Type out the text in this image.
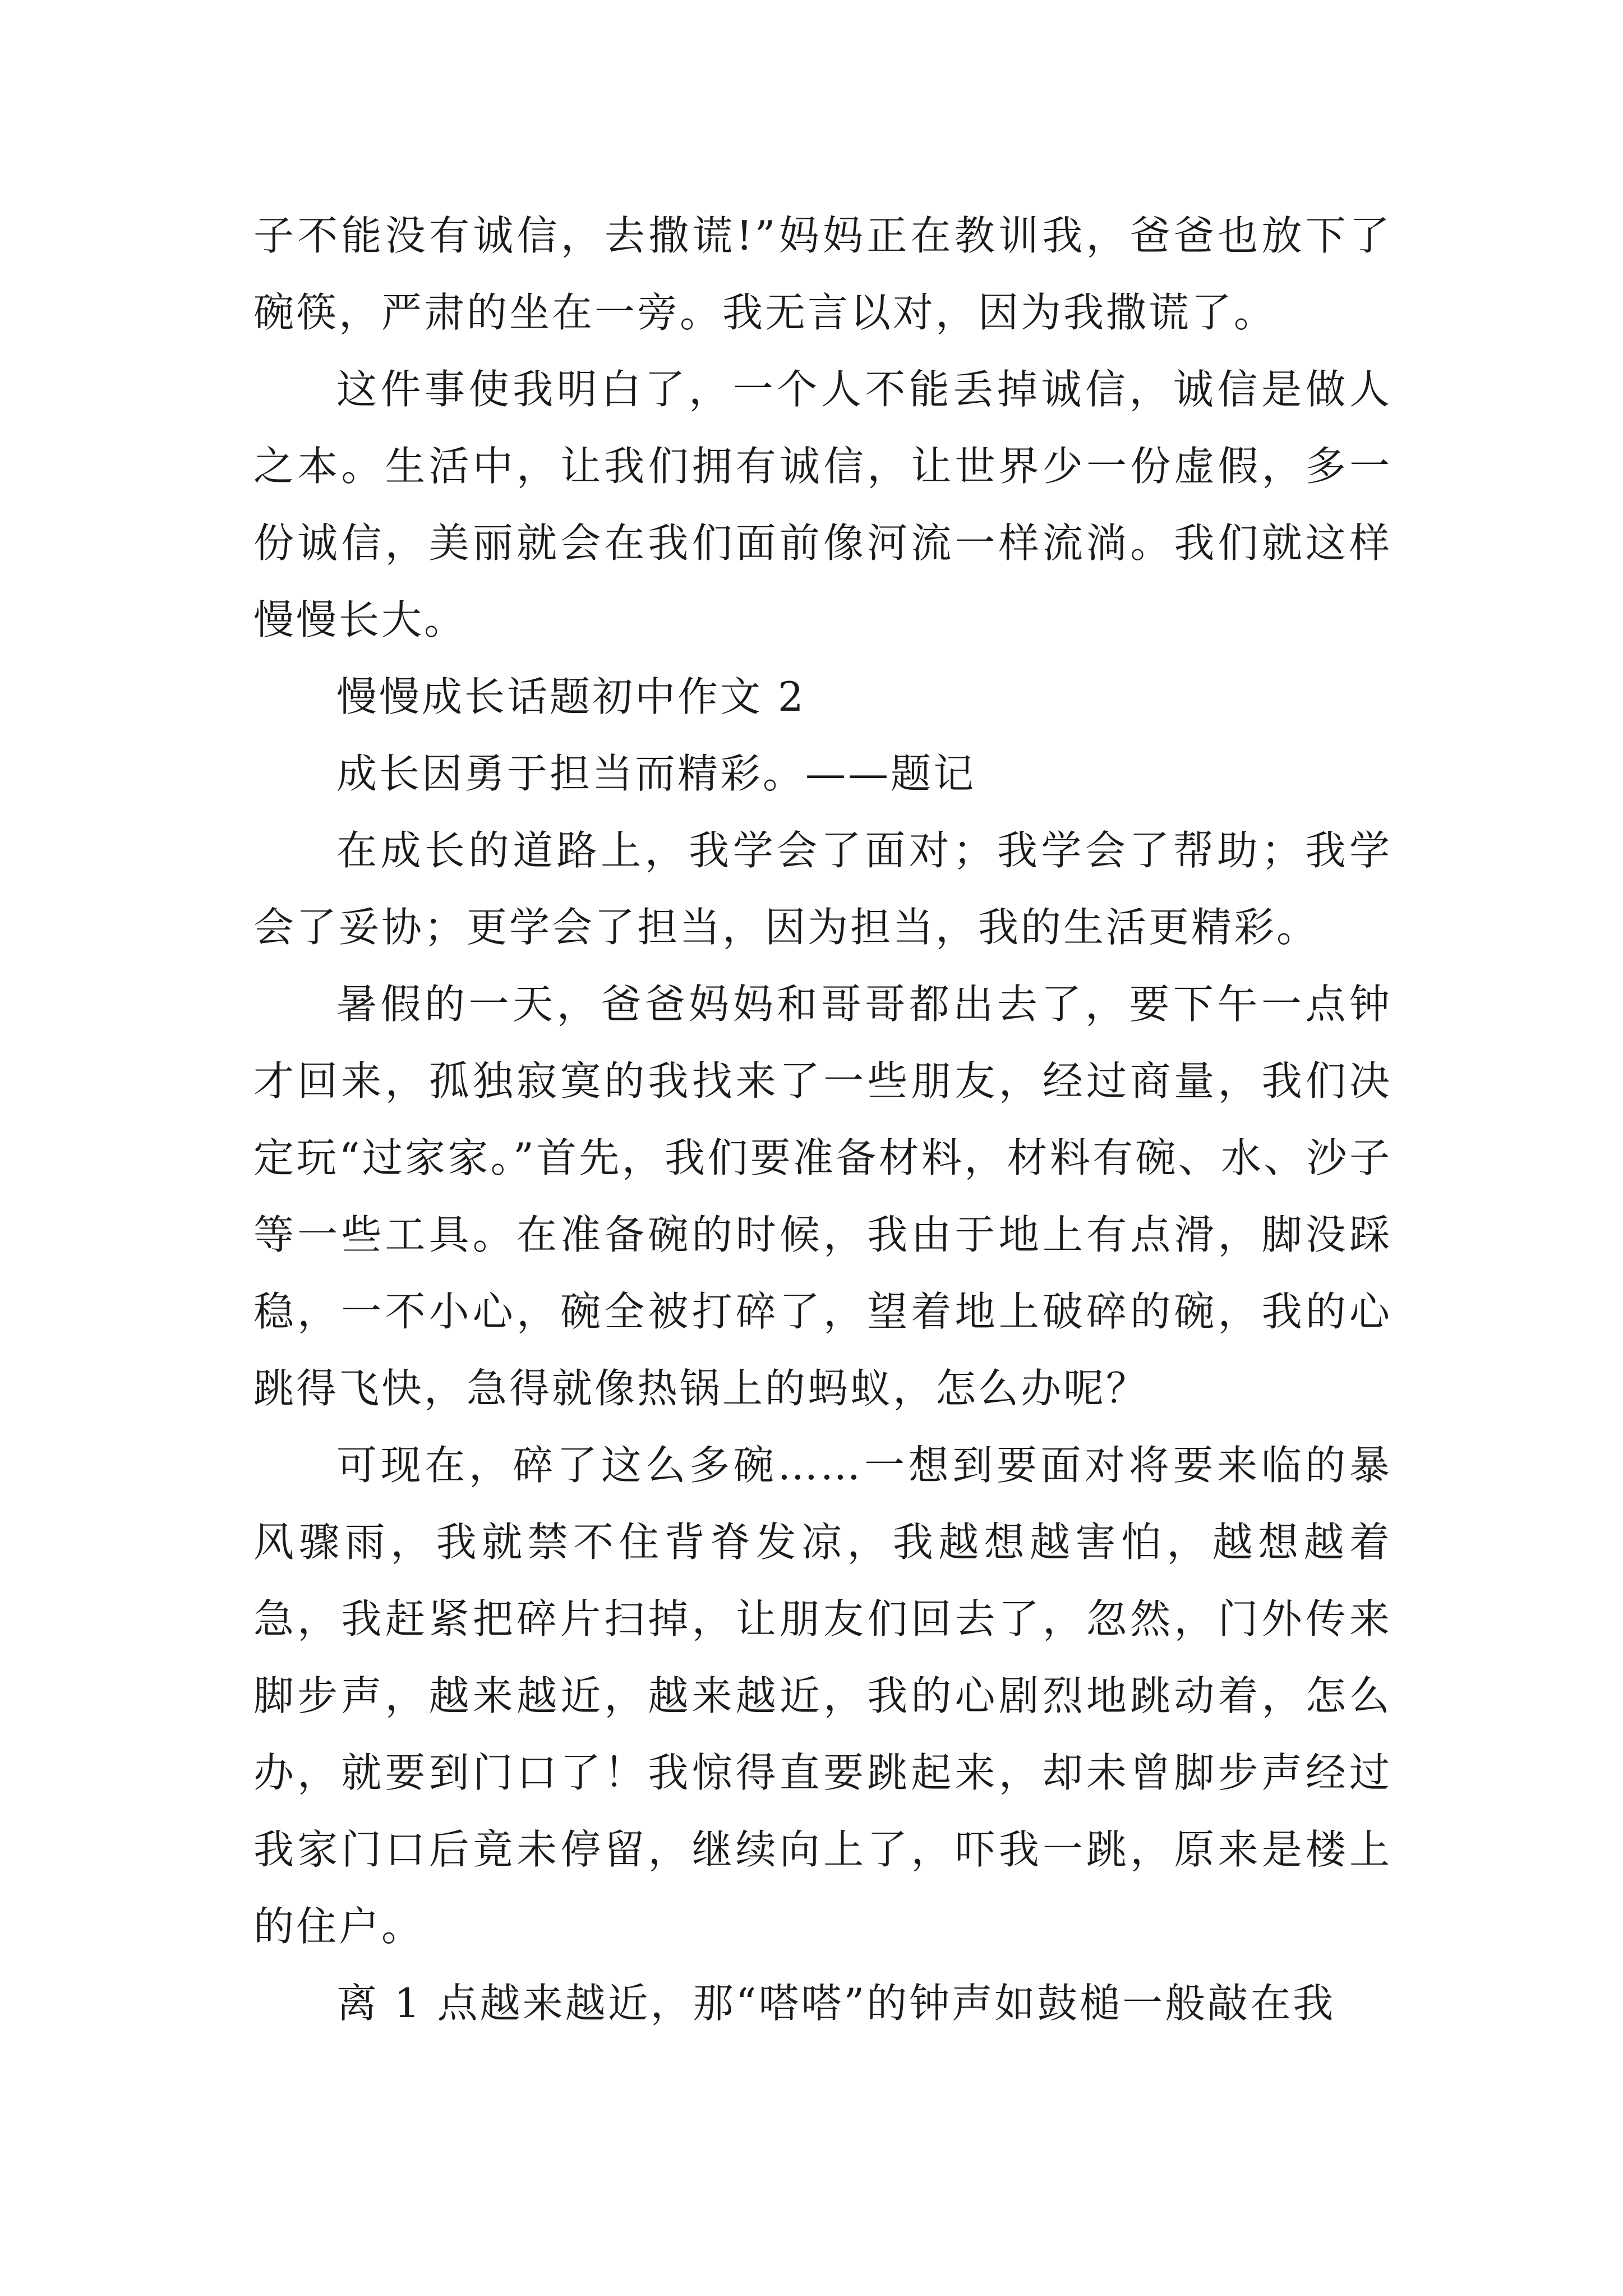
子不能没有诚信，去撒谎!”妈妈正在教训我，爸爸也放下了碗筷，严肃的坐在一旁。我无言以对，因为我撒谎了。

这件事使我明白了，一个人不能丢掉诚信，诚信是做人之本。生活中，让我们拥有诚信，让世界少一份虚假，多一份诚信，美丽就会在我们面前像河流一样流淌。我们就这样慢慢长大。

慢慢成长话题初中作文 2

成长因勇于担当而精彩。——题记

在成长的道路上，我学会了面对；我学会了帮助；我学会了妥协；更学会了担当，因为担当，我的生活更精彩。

暑假的一天，爸爸妈妈和哥哥都出去了，要下午一点钟才回来，孤独寂寞的我找来了一些朋友，经过商量，我们决定玩“过家家。”首先，我们要准备材料，材料有碗、水、沙子等一些工具。在准备碗的时候，我由于地上有点滑，脚没踩稳，一不小心，碗全被打碎了，望着地上破碎的碗，我的心跳得飞快，急得就像热锅上的蚂蚁，怎么办呢？

可现在，碎了这么多碗……一想到要面对将要来临的暴风骤雨，我就禁不住背脊发凉，我越想越害怕，越想越着急，我赶紧把碎片扫掉，让朋友们回去了，忽然，门外传来脚步声，越来越近，越来越近，我的心剧烈地跳动着，怎么办，就要到门口了！我惊得直要跳起来，却未曾脚步声经过我家门口后竟未停留，继续向上了，吓我一跳，原来是楼上的住户。

离 1 点越来越近，那“嗒嗒”的钟声如鼓槌一般敲在我
